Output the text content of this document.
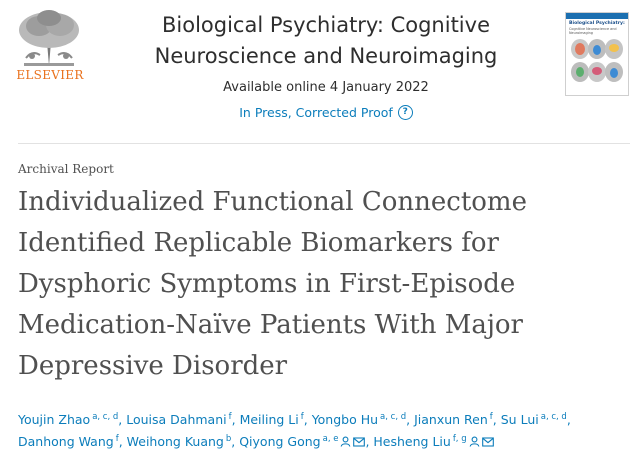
ELSEVIER
Biological Psychiatry: Cognitive Neuroscience and Neuroimaging
Available online 4 January 2022
In Press, Corrected Proof	?
Biological Psychiatry:
Cognitive Neuroscience and Neuroimaging
Archival Report
Individualized Functional Connectome Identified Replicable Biomarkers for Dysphoric Symptoms in First-Episode Medication-Naïve Patients With Major Depressive Disorder
Youjin Zhao $^{a, c, d}$, Louisa Dahmani $^f$, Meiling Li $^f$, Yongbo Hu $^{a, c, d}$, Jianxun Ren $^f$, Su Lui $^{a, c, d}$, Danhong Wang $^f$, Weihong Kuang $^b$, Qiyong Gong $^{a, e}$ , Hesheng Liu $^{f, g}$
